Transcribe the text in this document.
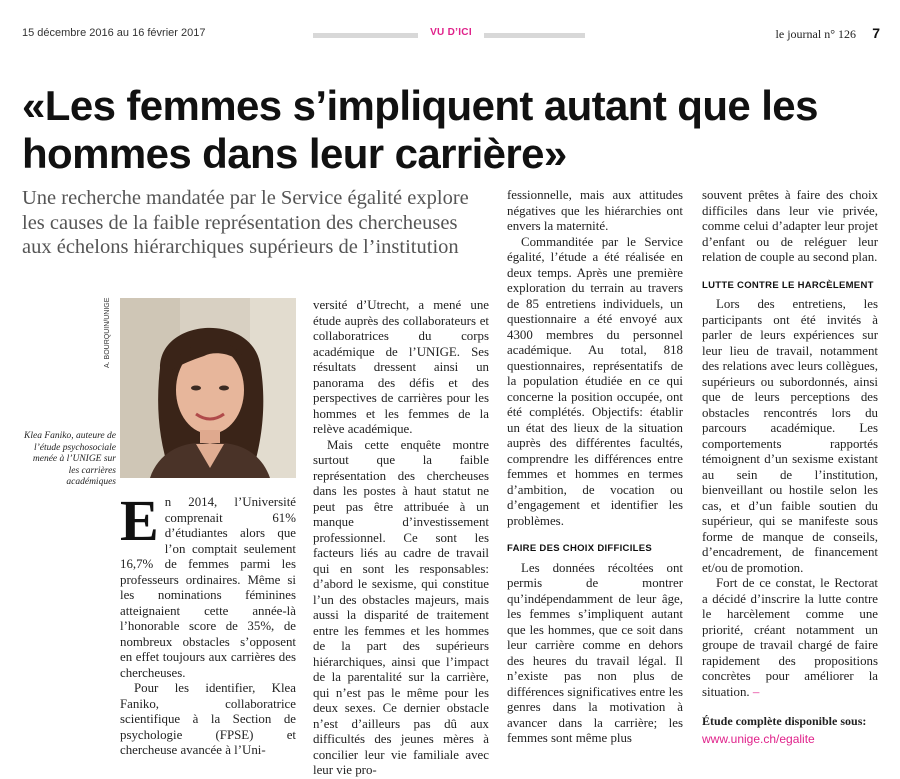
15 décembre 2016 au 16 février 2017	VU D’ICI	le journal n° 126 7
«Les femmes s’impliquent autant que les hommes dans leur carrière»

Une recherche mandatée par le Service égalité explore les causes de la faible représentation des chercheuses aux échelons hiérarchiques supérieurs de l’institution

A. BOURQUIN/UNIGE
Klea Faniko, auteure de l’étude psychosociale menée à l’UNIGE sur les carrières académiques

En 2014, l’Université comprenait 61% d’étudiantes alors que l’on comptait seulement 16,7% de femmes parmi les professeurs ordinaires. Même si les nominations féminines atteignaient cette année-là l’honorable score de 35%, de nombreux obstacles s’opposent en effet toujours aux carrières des chercheuses.

Pour les identifier, Klea Faniko, collaboratrice scientifique à la Section de psychologie (FPSE) et chercheuse avancée à l’Uni-

versité d’Utrecht, a mené une étude auprès des collaborateurs et collaboratrices du corps académique de l’UNIGE. Ses résultats dressent ainsi un panorama des défis et des perspectives de carrières pour les hommes et les femmes de la relève académique.

Mais cette enquête montre surtout que la faible représentation des chercheuses dans les postes à haut statut ne peut pas être attribuée à un manque d’investissement professionnel. Ce sont les facteurs liés au cadre de travail qui en sont les responsables: d’abord le sexisme, qui constitue l’un des obstacles majeurs, mais aussi la disparité de traitement entre les femmes et les hommes de la part des supérieurs hiérarchiques, ainsi que l’impact de la parentalité sur la carrière, qui n’est pas le même pour les deux sexes. Ce dernier obstacle n’est d’ailleurs pas dû aux difficultés des jeunes mères à concilier leur vie familiale avec leur vie pro-

fessionnelle, mais aux attitudes négatives que les hiérarchies ont envers la maternité.

Commanditée par le Service égalité, l’étude a été réalisée en deux temps. Après une première exploration du terrain au travers de 85 entretiens individuels, un questionnaire a été envoyé aux 4300 membres du personnel académique. Au total, 818 questionnaires, représentatifs de la population étudiée en ce qui concerne la position occupée, ont été complétés. Objectifs: établir un état des lieux de la situation auprès des différentes facultés, comprendre les différences entre femmes et hommes en termes d’ambition, de vocation ou d’engagement et identifier les problèmes.

FAIRE DES CHOIX DIFFICILES

Les données récoltées ont permis de montrer qu’indépendamment de leur âge, les femmes s’impliquent autant que les hommes, que ce soit dans leur carrière comme en dehors des heures du travail légal. Il n’existe pas non plus de différences significatives entre les genres dans la motivation à avancer dans la carrière; les femmes sont même plus

souvent prêtes à faire des choix difficiles dans leur vie privée, comme celui d’adapter leur projet d’enfant ou de reléguer leur relation de couple au second plan.

LUTTE CONTRE LE HARCÈLEMENT

Lors des entretiens, les participants ont été invités à parler de leurs expériences sur leur lieu de travail, notamment des relations avec leurs collègues, supérieurs ou subordonnés, ainsi que de leurs perceptions des obstacles rencontrés lors du parcours académique. Les comportements rapportés témoignent d’un sexisme existant au sein de l’institution, bienveillant ou hostile selon les cas, et d’un faible soutien du supérieur, qui se manifeste sous forme de manque de conseils, d’encadrement, de financement et/ou de promotion.

Fort de ce constat, le Rectorat a décidé d’inscrire la lutte contre le harcèlement comme une priorité, créant notamment un groupe de travail chargé de faire rapidement des propositions concrètes pour améliorer la situation. –

Étude complète disponible sous:

www.unige.ch/egalite
